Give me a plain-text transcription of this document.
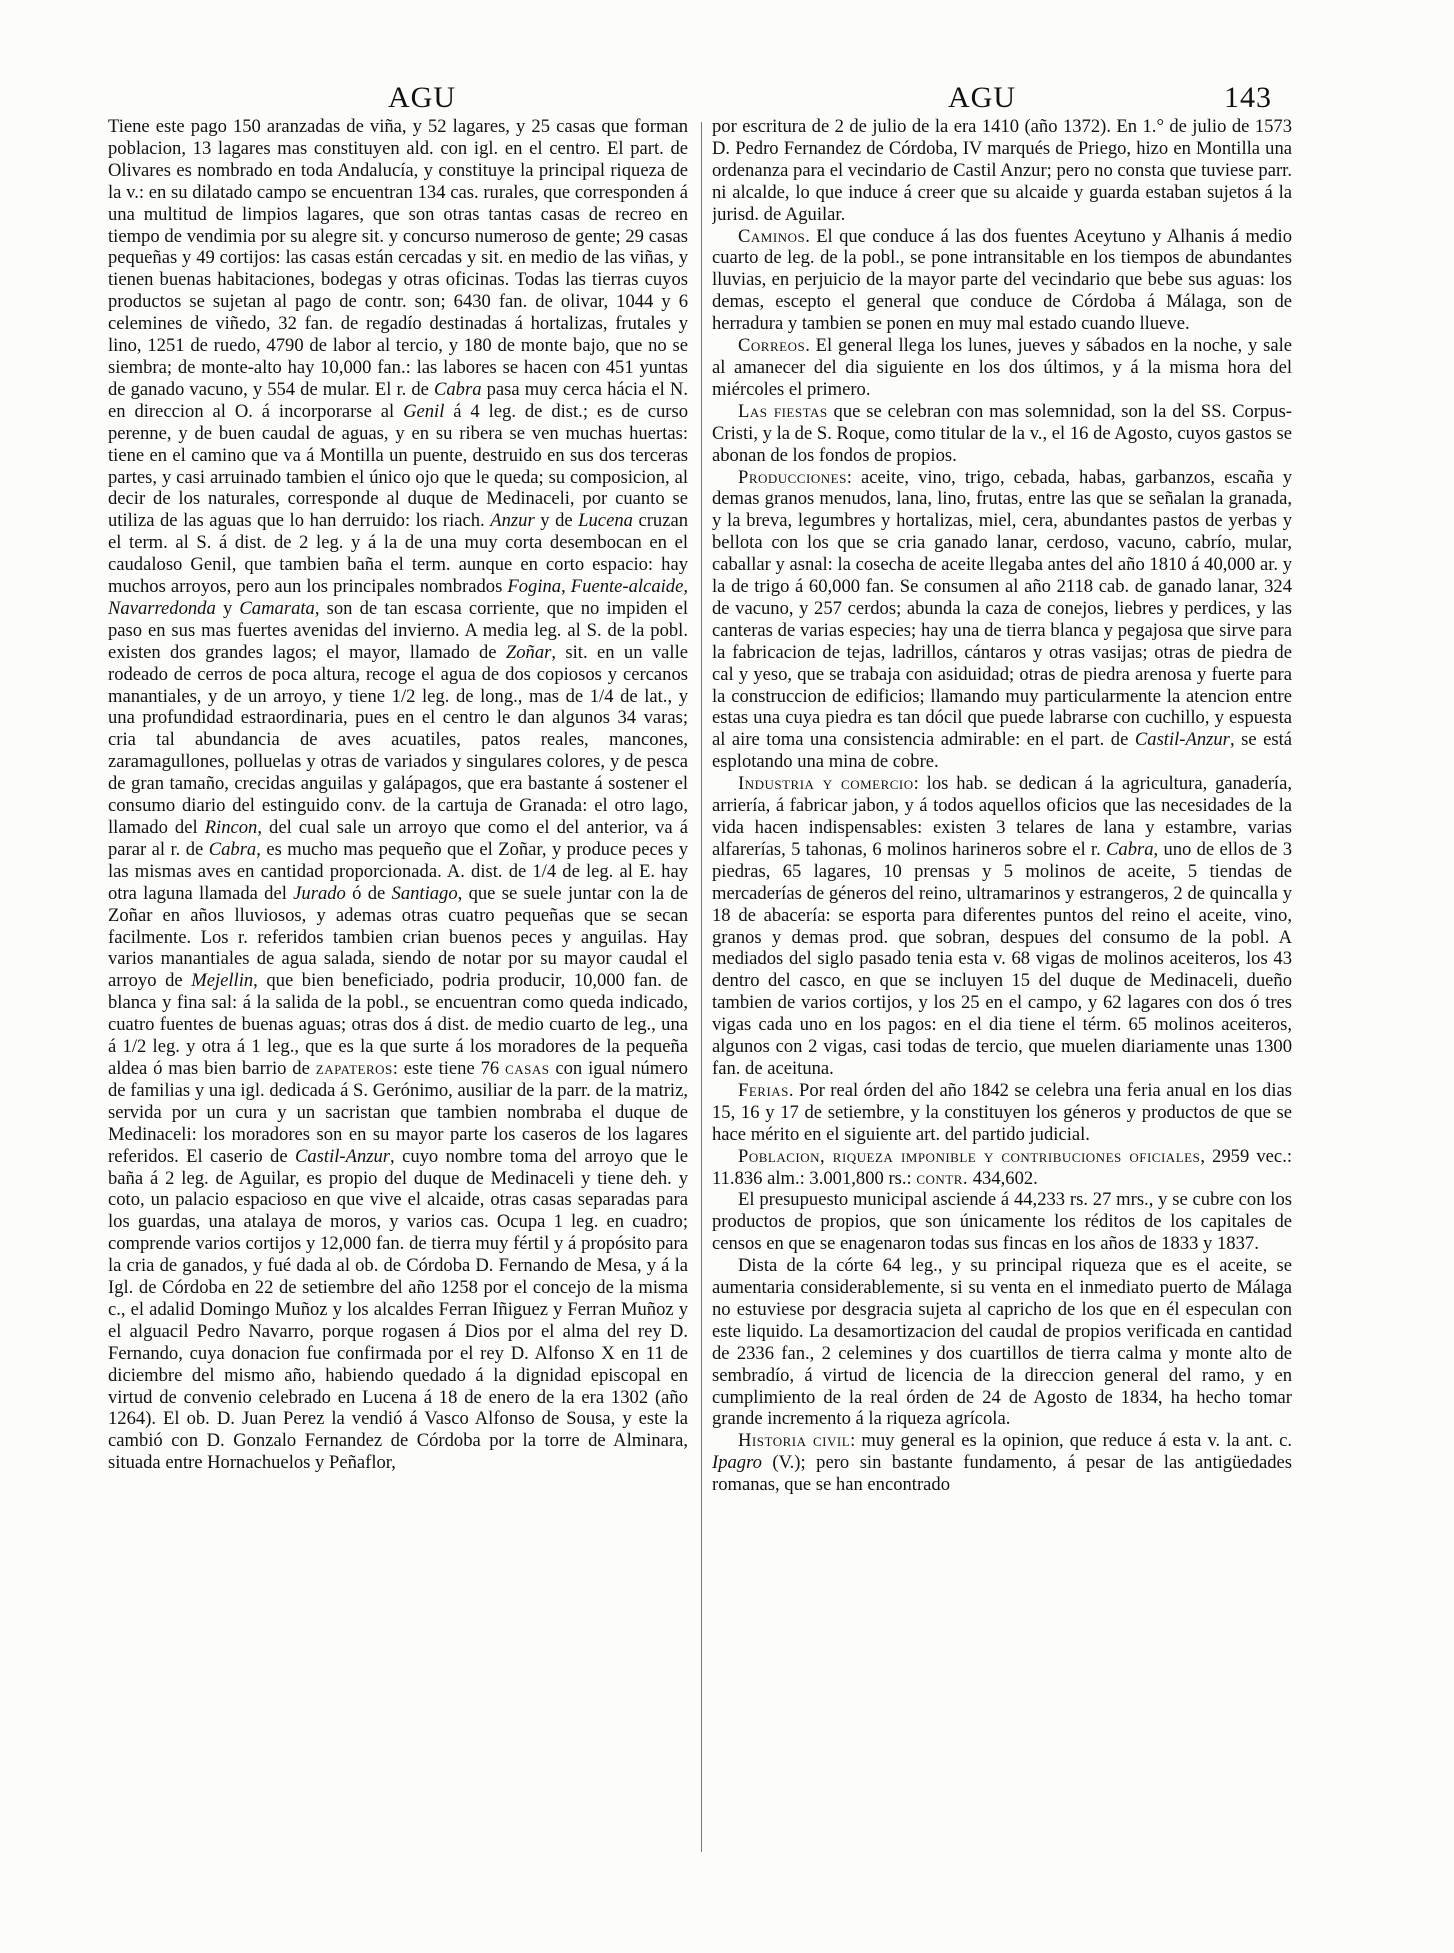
AGU	AGU	143

Tiene este pago 150 aranzadas de viña, y 52 lagares, y 25 casas que forman poblacion, 13 lagares mas constituyen ald. con igl. en el centro. El part. de Olivares es nombrado en toda Andalucía, y constituye la principal riqueza de la v.: en su dilatado campo se encuentran 134 cas. rurales, que corresponden á una multitud de limpios lagares, que son otras tantas casas de recreo en tiempo de vendimia por su alegre sit. y concurso numeroso de gente; 29 casas pequeñas y 49 cortijos: las casas están cercadas y sit. en medio de las viñas, y tienen buenas habitaciones, bodegas y otras oficinas. Todas las tierras cuyos productos se sujetan al pago de contr. son; 6430 fan. de olivar, 1044 y 6 celemines de viñedo, 32 fan. de regadío destinadas á hortalizas, frutales y lino, 1251 de ruedo, 4790 de labor al tercio, y 180 de monte bajo, que no se siembra; de monte-alto hay 10,000 fan.: las labores se hacen con 451 yuntas de ganado vacuno, y 554 de mular. El r. de Cabra pasa muy cerca hácia el N. en direccion al O. á incorporarse al Genil á 4 leg. de dist.; es de curso perenne, y de buen caudal de aguas, y en su ribera se ven muchas huertas: tiene en el camino que va á Montilla un puente, destruido en sus dos terceras partes, y casi arruinado tambien el único ojo que le queda; su composicion, al decir de los naturales, corresponde al duque de Medinaceli, por cuanto se utiliza de las aguas que lo han derruido: los riach. Anzur y de Lucena cruzan el term. al S. á dist. de 2 leg. y á la de una muy corta desembocan en el caudaloso Genil, que tambien baña el term. aunque en corto espacio: hay muchos arroyos, pero aun los principales nombrados Fogina, Fuente-alcaide, Navarredonda y Camarata, son de tan escasa corriente, que no impiden el paso en sus mas fuertes avenidas del invierno. A media leg. al S. de la pobl. existen dos grandes lagos; el mayor, llamado de Zoñar, sit. en un valle rodeado de cerros de poca altura, recoge el agua de dos copiosos y cercanos manantiales, y de un arroyo, y tiene 1/2 leg. de long., mas de 1/4 de lat., y una profundidad estraordinaria, pues en el centro le dan algunos 34 varas; cria tal abundancia de aves acuatiles, patos reales, mancones, zaramagullones, polluelas y otras de variados y singulares colores, y de pesca de gran tamaño, crecidas anguilas y galápagos, que era bastante á sostener el consumo diario del estinguido conv. de la cartuja de Granada: el otro lago, llamado del Rincon, del cual sale un arroyo que como el del anterior, va á parar al r. de Cabra, es mucho mas pequeño que el Zoñar, y produce peces y las mismas aves en cantidad proporcionada. A. dist. de 1/4 de leg. al E. hay otra laguna llamada del Jurado ó de Santiago, que se suele juntar con la de Zoñar en años lluviosos, y ademas otras cuatro pequeñas que se secan facilmente. Los r. referidos tambien crian buenos peces y anguilas. Hay varios manantiales de agua salada, siendo de notar por su mayor caudal el arroyo de Mejellin, que bien beneficiado, podria producir, 10,000 fan. de blanca y fina sal: á la salida de la pobl., se encuentran como queda indicado, cuatro fuentes de buenas aguas; otras dos á dist. de medio cuarto de leg., una á 1/2 leg. y otra á 1 leg., que es la que surte á los moradores de la pequeña aldea ó mas bien barrio de zapateros: este tiene 76 casas con igual número de familias y una igl. dedicada á S. Gerónimo, ausiliar de la parr. de la matriz, servida por un cura y un sacristan que tambien nombraba el duque de Medinaceli: los moradores son en su mayor parte los caseros de los lagares referidos. El caserio de Castil-Anzur, cuyo nombre toma del arroyo que le baña á 2 leg. de Aguilar, es propio del duque de Medinaceli y tiene deh. y coto, un palacio espacioso en que vive el alcaide, otras casas separadas para los guardas, una atalaya de moros, y varios cas. Ocupa 1 leg. en cuadro; comprende varios cortijos y 12,000 fan. de tierra muy fértil y á propósito para la cria de ganados, y fué dada al ob. de Córdoba D. Fernando de Mesa, y á la Igl. de Córdoba en 22 de setiembre del año 1258 por el concejo de la misma c., el adalid Domingo Muñoz y los alcaldes Ferran Iñiguez y Ferran Muñoz y el alguacil Pedro Navarro, porque rogasen á Dios por el alma del rey D. Fernando, cuya donacion fue confirmada por el rey D. Alfonso X en 11 de diciembre del mismo año, habiendo quedado á la dignidad episcopal en virtud de convenio celebrado en Lucena á 18 de enero de la era 1302 (año 1264). El ob. D. Juan Perez la vendió á Vasco Alfonso de Sousa, y este la cambió con D. Gonzalo Fernandez de Córdoba por la torre de Alminara, situada entre Hornachuelos y Peñaflor,

por escritura de 2 de julio de la era 1410 (año 1372). En 1.° de julio de 1573 D. Pedro Fernandez de Córdoba, IV marqués de Priego, hizo en Montilla una ordenanza para el vecindario de Castil Anzur; pero no consta que tuviese parr. ni alcalde, lo que induce á creer que su alcaide y guarda estaban sujetos á la jurisd. de Aguilar.

Caminos. El que conduce á las dos fuentes Aceytuno y Alhanis á medio cuarto de leg. de la pobl., se pone intransitable en los tiempos de abundantes lluvias, en perjuicio de la mayor parte del vecindario que bebe sus aguas: los demas, escepto el general que conduce de Córdoba á Málaga, son de herradura y tambien se ponen en muy mal estado cuando llueve.

Correos. El general llega los lunes, jueves y sábados en la noche, y sale al amanecer del dia siguiente en los dos últimos, y á la misma hora del miércoles el primero.

Las fiestas que se celebran con mas solemnidad, son la del SS. Corpus-Cristi, y la de S. Roque, como titular de la v., el 16 de Agosto, cuyos gastos se abonan de los fondos de propios.

Producciones: aceite, vino, trigo, cebada, habas, garbanzos, escaña y demas granos menudos, lana, lino, frutas, entre las que se señalan la granada, y la breva, legumbres y hortalizas, miel, cera, abundantes pastos de yerbas y bellota con los que se cria ganado lanar, cerdoso, vacuno, cabrío, mular, caballar y asnal: la cosecha de aceite llegaba antes del año 1810 á 40,000 ar. y la de trigo á 60,000 fan. Se consumen al año 2118 cab. de ganado lanar, 324 de vacuno, y 257 cerdos; abunda la caza de conejos, liebres y perdices, y las canteras de varias especies; hay una de tierra blanca y pegajosa que sirve para la fabricacion de tejas, ladrillos, cántaros y otras vasijas; otras de piedra de cal y yeso, que se trabaja con asiduidad; otras de piedra arenosa y fuerte para la construccion de edificios; llamando muy particularmente la atencion entre estas una cuya piedra es tan dócil que puede labrarse con cuchillo, y espuesta al aire toma una consistencia admirable: en el part. de Castil-Anzur, se está esplotando una mina de cobre.

Industria y comercio: los hab. se dedican á la agricultura, ganadería, arriería, á fabricar jabon, y á todos aquellos oficios que las necesidades de la vida hacen indispensables: existen 3 telares de lana y estambre, varias alfarerías, 5 tahonas, 6 molinos harineros sobre el r. Cabra, uno de ellos de 3 piedras, 65 lagares, 10 prensas y 5 molinos de aceite, 5 tiendas de mercaderías de géneros del reino, ultramarinos y estrangeros, 2 de quincalla y 18 de abacería: se esporta para diferentes puntos del reino el aceite, vino, granos y demas prod. que sobran, despues del consumo de la pobl. A mediados del siglo pasado tenia esta v. 68 vigas de molinos aceiteros, los 43 dentro del casco, en que se incluyen 15 del duque de Medinaceli, dueño tambien de varios cortijos, y los 25 en el campo, y 62 lagares con dos ó tres vigas cada uno en los pagos: en el dia tiene el térm. 65 molinos aceiteros, algunos con 2 vigas, casi todas de tercio, que muelen diariamente unas 1300 fan. de aceituna.

Ferias. Por real órden del año 1842 se celebra una feria anual en los dias 15, 16 y 17 de setiembre, y la constituyen los géneros y productos de que se hace mérito en el siguiente art. del partido judicial.

Poblacion, riqueza imponible y contribuciones oficiales, 2959 vec.: 11.836 alm.: 3.001,800 rs.: contr. 434,602.

El presupuesto municipal asciende á 44,233 rs. 27 mrs., y se cubre con los productos de propios, que son únicamente los réditos de los capitales de censos en que se enagenaron todas sus fincas en los años de 1833 y 1837.

Dista de la córte 64 leg., y su principal riqueza que es el aceite, se aumentaria considerablemente, si su venta en el inmediato puerto de Málaga no estuviese por desgracia sujeta al capricho de los que en él especulan con este liquido. La desamortizacion del caudal de propios verificada en cantidad de 2336 fan., 2 celemines y dos cuartillos de tierra calma y monte alto de sembradío, á virtud de licencia de la direccion general del ramo, y en cumplimiento de la real órden de 24 de Agosto de 1834, ha hecho tomar grande incremento á la riqueza agrícola.

Historia civil: muy general es la opinion, que reduce á esta v. la ant. c. Ipagro (V.); pero sin bastante fundamento, á pesar de las antigüedades romanas, que se han encontrado
